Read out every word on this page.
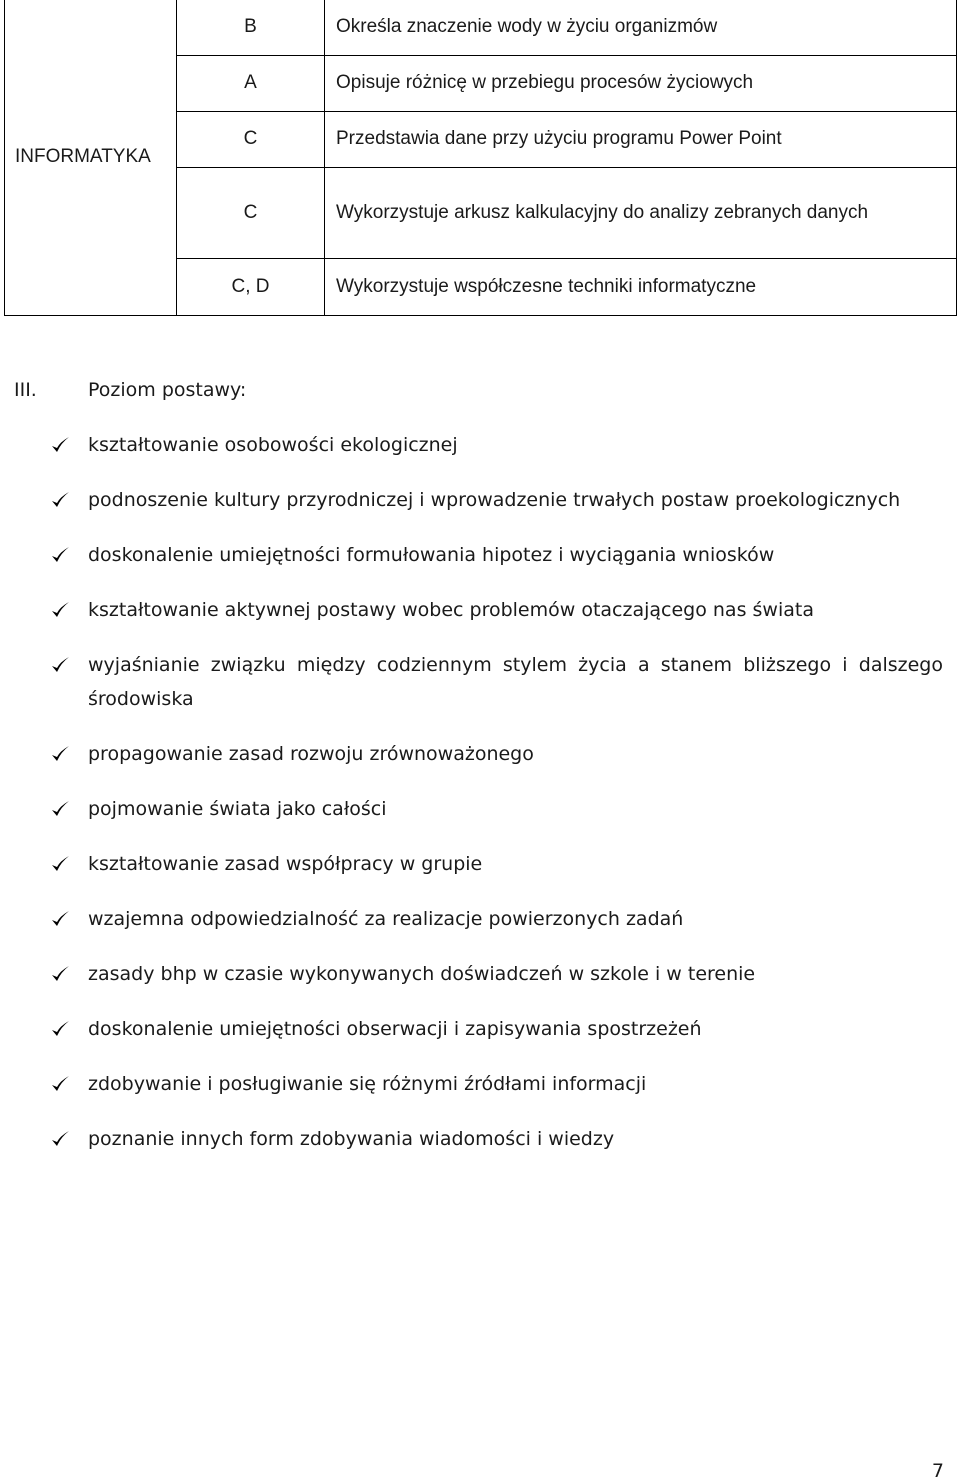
INFORMATYKA	B	Określa znaczenie wody w życiu organizmów
	A	Opisuje różnicę w przebiegu procesów życiowych
	C	Przedstawia dane przy użyciu programu Power Point
	C	Wykorzystuje arkusz kalkulacyjny do analizy zebranych danych
	C, D	Wykorzystuje współczesne techniki informatyczne
III.	Poziom postawy:
kształtowanie osobowości ekologicznej
podnoszenie kultury przyrodniczej i wprowadzenie trwałych postaw proekologicznych
doskonalenie umiejętności formułowania hipotez i wyciągania wniosków
kształtowanie aktywnej postawy wobec problemów otaczającego nas świata
wyjaśnianie związku między codziennym stylem życia a stanem bliższego i dalszego środowiska
propagowanie zasad rozwoju zrównoważonego
pojmowanie świata jako całości
kształtowanie zasad współpracy w grupie
wzajemna odpowiedzialność za realizacje powierzonych zadań
zasady bhp w czasie wykonywanych doświadczeń w szkole i w terenie
doskonalenie umiejętności obserwacji i zapisywania spostrzeżeń
zdobywanie i posługiwanie się różnymi źródłami informacji
poznanie innych form zdobywania wiadomości i wiedzy
7
